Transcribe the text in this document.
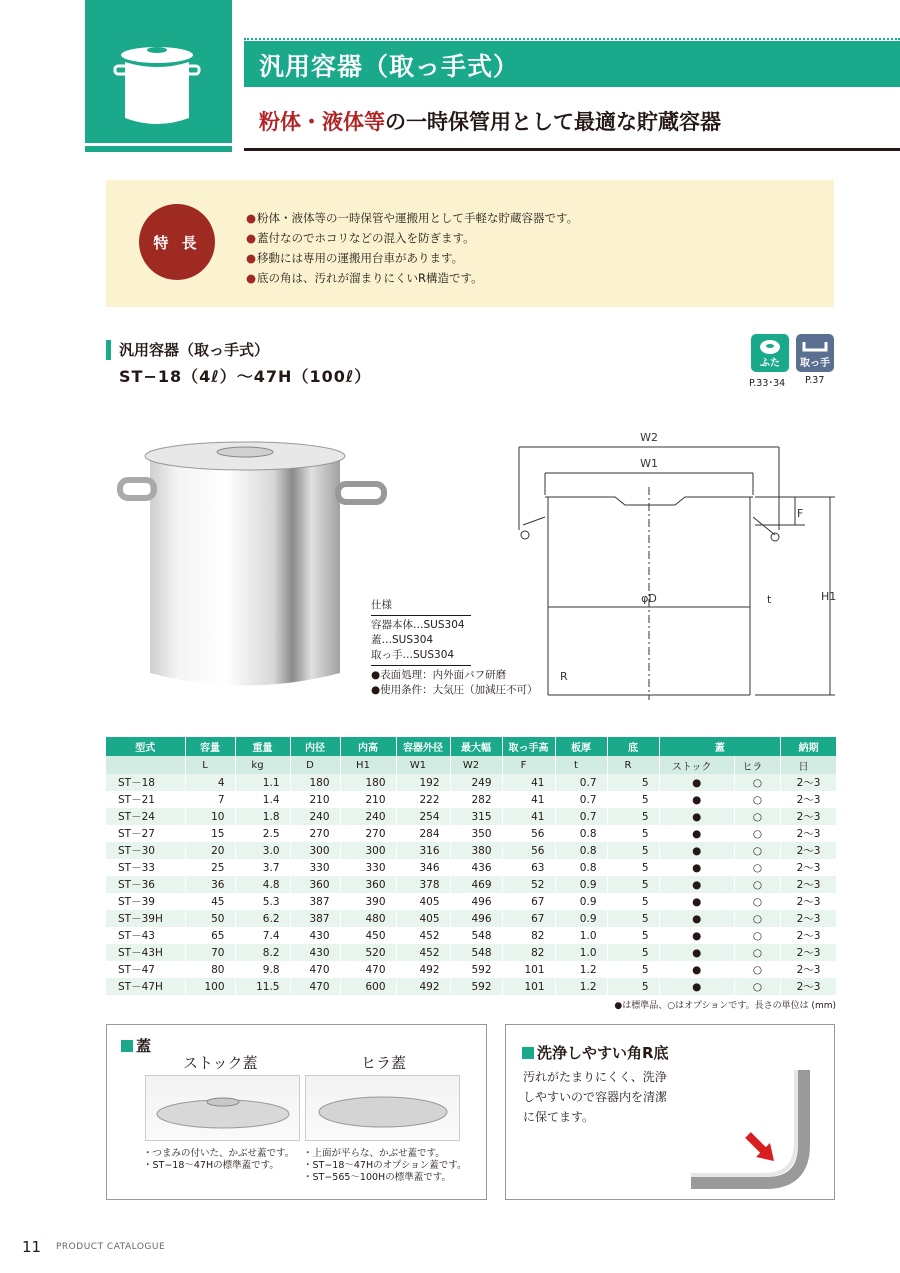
汎用容器（取っ手式）
粉体・液体等の一時保管用として最適な貯蔵容器
特 長
● 粉体・液体等の一時保管や運搬用として手軽な貯蔵容器です。
● 蓋付なのでホコリなどの混入を防ぎます。
● 移動には専用の運搬用台車があります。
● 底の角は、汚れが溜まりにくいR構造です。
汎用容器（取っ手式）
ST−18（4ℓ）〜47H（100ℓ）
ふた
P.33･34
取っ手
P.37
仕様
容器本体…SUS304
蓋…SUS304
取っ手…SUS304
●表面処理：内外面バフ研磨
●使用条件：大気圧（加減圧不可）
W2
W1
φD	t
F
H1
R
型式	容量	重量	内径	内高	容器外径	最大幅	取っ手高	板厚	底	蓋		納期
	L	kg	D	H1	W1	W2	F	t	R	ストック	ヒラ	日
ST－18	4	1.1	180	180	192	249	41	0.7	5	●	○	2～3
ST－21	7	1.4	210	210	222	282	41	0.7	5	●	○	2～3
ST－24	10	1.8	240	240	254	315	41	0.7	5	●	○	2～3
ST－27	15	2.5	270	270	284	350	56	0.8	5	●	○	2～3
ST－30	20	3.0	300	300	316	380	56	0.8	5	●	○	2～3
ST－33	25	3.7	330	330	346	436	63	0.8	5	●	○	2～3
ST－36	36	4.8	360	360	378	469	52	0.9	5	●	○	2～3
ST－39	45	5.3	387	390	405	496	67	0.9	5	●	○	2～3
ST－39H	50	6.2	387	480	405	496	67	0.9	5	●	○	2～3
ST－43	65	7.4	430	450	452	548	82	1.0	5	●	○	2～3
ST－43H	70	8.2	430	520	452	548	82	1.0	5	●	○	2～3
ST－47	80	9.8	470	470	492	592	101	1.2	5	●	○	2～3
ST－47H	100	11.5	470	600	492	592	101	1.2	5	●	○	2～3
●は標準品、○はオプションです。長さの単位は (mm)
蓋
ストック蓋	ヒラ蓋
・つまみの付いた、かぶせ蓋です。
・ST−18〜47Hの標準蓋です。
・上面が平らな、かぶせ蓋です。
・ST−18〜47Hのオプション蓋です。
・ST−565〜100Hの標準蓋です。
洗浄しやすい角R底
汚れがたまりにくく、洗浄
しやすいので容器内を清潔
に保てます。
11 PRODUCT CATALOGUE
